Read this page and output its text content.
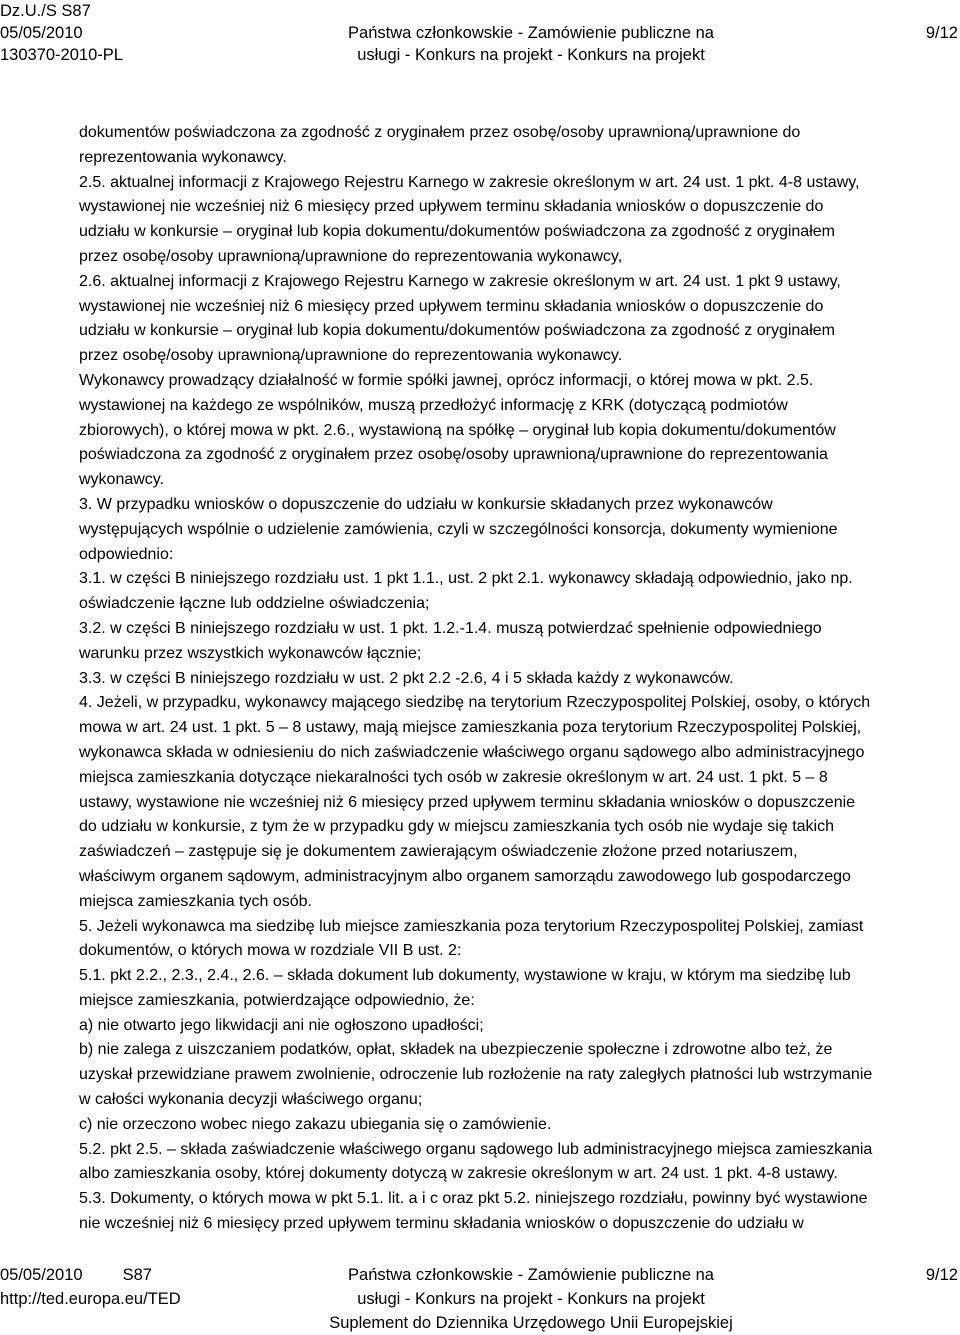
Dz.U./S S87
05/05/2010
130370-2010-PL
Państwa członkowskie - Zamówienie publiczne na
usługi - Konkurs na projekt - Konkurs na projekt
9/12
dokumentów poświadczona za zgodność z oryginałem przez osobę/osoby uprawnioną/uprawnione do
reprezentowania wykonawcy.
2.5. aktualnej informacji z Krajowego Rejestru Karnego w zakresie określonym w art. 24 ust. 1 pkt. 4-8 ustawy,
wystawionej nie wcześniej niż 6 miesięcy przed upływem terminu składania wniosków o dopuszczenie do
udziału w konkursie – oryginał lub kopia dokumentu/dokumentów poświadczona za zgodność z oryginałem
przez osobę/osoby uprawnioną/uprawnione do reprezentowania wykonawcy,
2.6. aktualnej informacji z Krajowego Rejestru Karnego w zakresie określonym w art. 24 ust. 1 pkt 9 ustawy,
wystawionej nie wcześniej niż 6 miesięcy przed upływem terminu składania wniosków o dopuszczenie do
udziału w konkursie – oryginał lub kopia dokumentu/dokumentów poświadczona za zgodność z oryginałem
przez osobę/osoby uprawnioną/uprawnione do reprezentowania wykonawcy.
Wykonawcy prowadzący działalność w formie spółki jawnej, oprócz informacji, o której mowa w pkt. 2.5.
wystawionej na każdego ze wspólników, muszą przedłożyć informację z KRK (dotyczącą podmiotów
zbiorowych), o której mowa w pkt. 2.6., wystawioną na spółkę – oryginał lub kopia dokumentu/dokumentów
poświadczona za zgodność z oryginałem przez osobę/osoby uprawnioną/uprawnione do reprezentowania
wykonawcy.
3. W przypadku wniosków o dopuszczenie do udziału w konkursie składanych przez wykonawców
występujących wspólnie o udzielenie zamówienia, czyli w szczególności konsorcja, dokumenty wymienione
odpowiednio:
3.1. w części B niniejszego rozdziału ust. 1 pkt 1.1., ust. 2 pkt 2.1. wykonawcy składają odpowiednio, jako np.
oświadczenie łączne lub oddzielne oświadczenia;
3.2. w części B niniejszego rozdziału w ust. 1 pkt. 1.2.-1.4. muszą potwierdzać spełnienie odpowiedniego
warunku przez wszystkich wykonawców łącznie;
3.3. w części B niniejszego rozdziału w ust. 2 pkt 2.2 -2.6, 4 i 5 składa każdy z wykonawców.
4. Jeżeli, w przypadku, wykonawcy mającego siedzibę na terytorium Rzeczypospolitej Polskiej, osoby, o których
mowa w art. 24 ust. 1 pkt. 5 – 8 ustawy, mają miejsce zamieszkania poza terytorium Rzeczypospolitej Polskiej,
wykonawca składa w odniesieniu do nich zaświadczenie właściwego organu sądowego albo administracyjnego
miejsca zamieszkania dotyczące niekaralności tych osób w zakresie określonym w art. 24 ust. 1 pkt. 5 – 8
ustawy, wystawione nie wcześniej niż 6 miesięcy przed upływem terminu składania wniosków o dopuszczenie
do udziału w konkursie, z tym że w przypadku gdy w miejscu zamieszkania tych osób nie wydaje się takich
zaświadczeń – zastępuje się je dokumentem zawierającym oświadczenie złożone przed notariuszem,
właściwym organem sądowym, administracyjnym albo organem samorządu zawodowego lub gospodarczego
miejsca zamieszkania tych osób.
5. Jeżeli wykonawca ma siedzibę lub miejsce zamieszkania poza terytorium Rzeczypospolitej Polskiej, zamiast
dokumentów, o których mowa w rozdziale VII B ust. 2:
5.1. pkt 2.2., 2.3., 2.4., 2.6. – składa dokument lub dokumenty, wystawione w kraju, w którym ma siedzibę lub
miejsce zamieszkania, potwierdzające odpowiednio, że:
a) nie otwarto jego likwidacji ani nie ogłoszono upadłości;
b) nie zalega z uiszczaniem podatków, opłat, składek na ubezpieczenie społeczne i zdrowotne albo też, że
uzyskał przewidziane prawem zwolnienie, odroczenie lub rozłożenie na raty zaległych płatności lub wstrzymanie
w całości wykonania decyzji właściwego organu;
c) nie orzeczono wobec niego zakazu ubiegania się o zamówienie.
5.2. pkt 2.5. – składa zaświadczenie właściwego organu sądowego lub administracyjnego miejsca zamieszkania
albo zamieszkania osoby, której dokumenty dotyczą w zakresie określonym w art. 24 ust. 1 pkt. 4-8 ustawy.
5.3. Dokumenty, o których mowa w pkt 5.1. lit. a i c oraz pkt 5.2. niniejszego rozdziału, powinny być wystawione
nie wcześniej niż 6 miesięcy przed upływem terminu składania wniosków o dopuszczenie do udziału w
05/05/2010 S87
http://ted.europa.eu/TED
Państwa członkowskie - Zamówienie publiczne na
usługi - Konkurs na projekt - Konkurs na projekt
Suplement do Dziennika Urzędowego Unii Europejskiej
9/12
